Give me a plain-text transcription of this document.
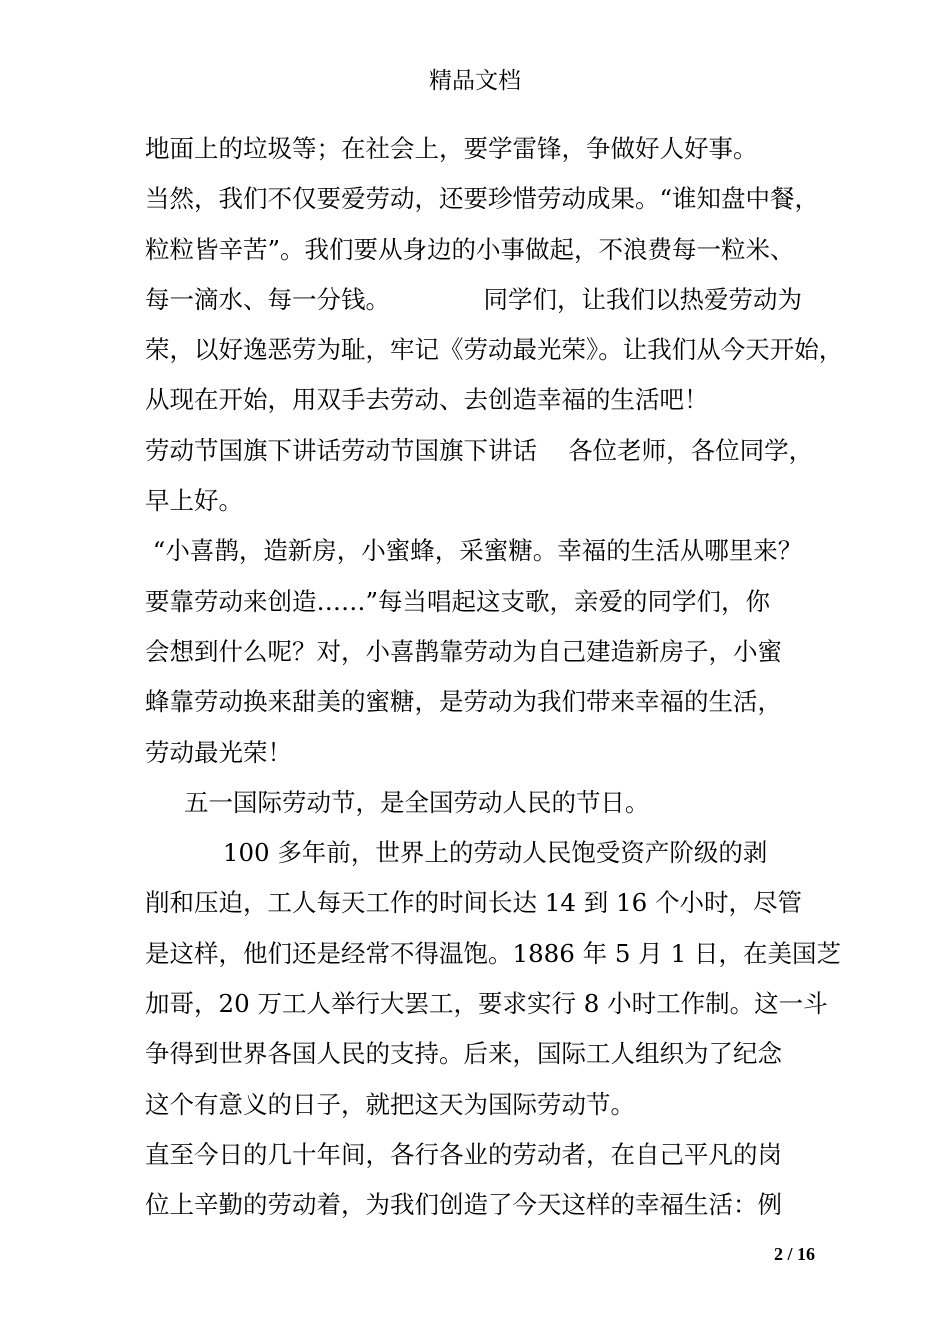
精品文档
地面上的垃圾等；在社会上，要学雷锋，争做好人好事。
当然，我们不仅要爱劳动，还要珍惜劳动成果。“谁知盘中餐，
粒粒皆辛苦”。我们要从身边的小事做起，不浪费每一粒米、
每一滴水、每一分钱。            同学们，让我们以热爱劳动为
荣，以好逸恶劳为耻，牢记《劳动最光荣》。让我们从今天开始，
从现在开始，用双手去劳动、去创造幸福的生活吧！
劳动节国旗下讲话劳动节国旗下讲话    各位老师，各位同学，
早上好。
“小喜鹊，造新房，小蜜蜂，采蜜糖。幸福的生活从哪里来？
要靠劳动来创造……”每当唱起这支歌，亲爱的同学们，你
会想到什么呢？对，小喜鹊靠劳动为自己建造新房子，小蜜
蜂靠劳动换来甜美的蜜糖，是劳动为我们带来幸福的生活，
劳动最光荣！
五一国际劳动节，是全国劳动人民的节日。
100 多年前，世界上的劳动人民饱受资产阶级的剥
削和压迫，工人每天工作的时间长达 14 到 16 个小时，尽管
是这样，他们还是经常不得温饱。1886 年 5 月 1 日，在美国芝
加哥，20 万工人举行大罢工，要求实行 8 小时工作制。这一斗
争得到世界各国人民的支持。后来，国际工人组织为了纪念
这个有意义的日子，就把这天为国际劳动节。
直至今日的几十年间，各行各业的劳动者，在自己平凡的岗
位上辛勤的劳动着，为我们创造了今天这样的幸福生活：例
2 / 16
